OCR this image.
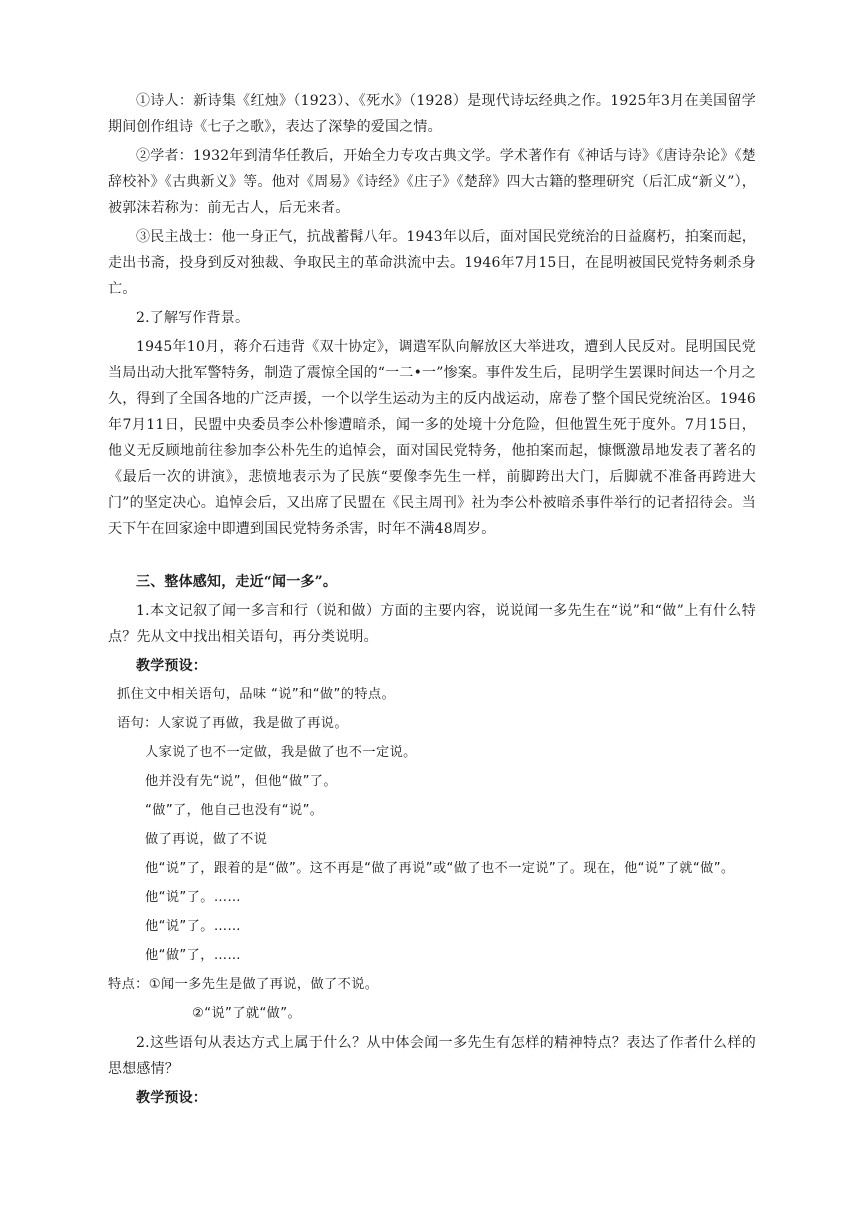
①诗人：新诗集《红烛》（1923）、《死水》（1928）是现代诗坛经典之作。1925年3月在美国留学期间创作组诗《七子之歌》，表达了深挚的爱国之情。

②学者：1932年到清华任教后，开始全力专攻古典文学。学术著作有《神话与诗》《唐诗杂论》《楚辞校补》《古典新义》等。他对《周易》《诗经》《庄子》《楚辞》四大古籍的整理研究（后汇成“新义”），被郭沫若称为：前无古人，后无来者。

③民主战士：他一身正气，抗战蓄髯八年。1943年以后，面对国民党统治的日益腐朽，拍案而起，走出书斋，投身到反对独裁、争取民主的革命洪流中去。1946年7月15日，在昆明被国民党特务刺杀身亡。

2.了解写作背景。

1945年10月，蒋介石违背《双十协定》，调遣军队向解放区大举进攻，遭到人民反对。昆明国民党当局出动大批军警特务，制造了震惊全国的“一二•一”惨案。事件发生后，昆明学生罢课时间达一个月之久，得到了全国各地的广泛声援，一个以学生运动为主的反内战运动，席卷了整个国民党统治区。1946年7月11日，民盟中央委员李公朴惨遭暗杀，闻一多的处境十分危险，但他置生死于度外。7月15日，他义无反顾地前往参加李公朴先生的追悼会，面对国民党特务，他拍案而起，慷慨激昂地发表了著名的《最后一次的讲演》，悲愤地表示为了民族“要像李先生一样，前脚跨出大门，后脚就不准备再跨进大门”的坚定决心。追悼会后，又出席了民盟在《民主周刊》社为李公朴被暗杀事件举行的记者招待会。当天下午在回家途中即遭到国民党特务杀害，时年不满48周岁。

三、整体感知，走近“闻一多”。

1.本文记叙了闻一多言和行（说和做）方面的主要内容，说说闻一多先生在“说”和“做”上有什么特点？先从文中找出相关语句，再分类说明。

教学预设：

抓住文中相关语句，品味 “说”和“做”的特点。

语句：人家说了再做，我是做了再说。

人家说了也不一定做，我是做了也不一定说。

他并没有先“说”，但他“做”了。

“做”了，他自己也没有“说”。

做了再说，做了不说

他“说”了，跟着的是“做”。这不再是“做了再说”或“做了也不一定说”了。现在，他“说”了就“做”。

他“说”了。……

他“说”了。……

他“做”了，……

特点：①闻一多先生是做了再说，做了不说。

②“说”了就“做”。

2.这些语句从表达方式上属于什么？从中体会闻一多先生有怎样的精神特点？表达了作者什么样的思想感情？

教学预设：
